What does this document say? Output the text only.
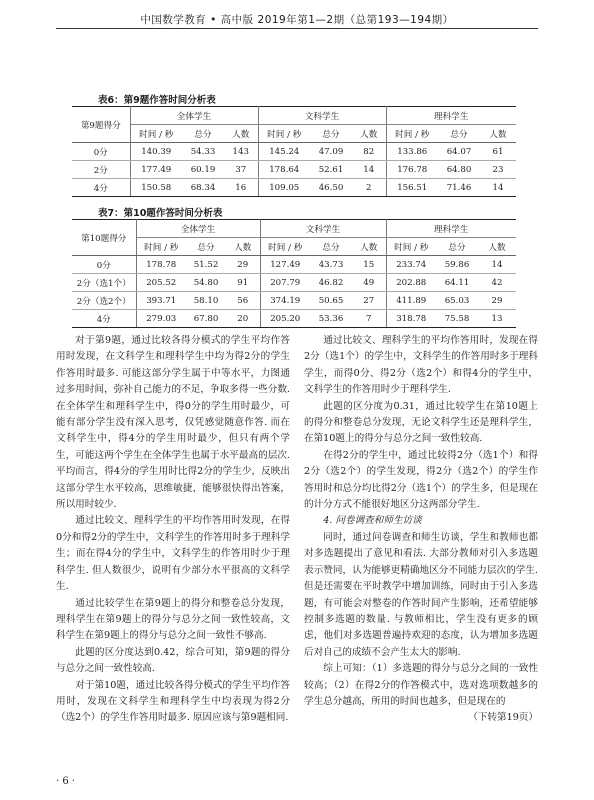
中国数学教育 • 高中版 2019年第1—2期（总第193—194期）
表6：第9题作答时间分析表
第9题得分	全体学生			文科学生			理科学生		
	时间 / 秒	总分	人数	时间 / 秒	总分	人数	时间 / 秒	总分	人数
0分	140.39	54.33	143	145.24	47.09	82	133.86	64.07	61
2分	177.49	60.19	37	178.64	52.61	14	176.78	64.80	23
4分	150.58	68.34	16	109.05	46.50	2	156.51	71.46	14
表7：第10题作答时间分析表
第10题得分	全体学生			文科学生			理科学生		
	时间 / 秒	总分	人数	时间 / 秒	总分	人数	时间 / 秒	总分	人数
0分	178.78	51.52	29	127.49	43.73	15	233.74	59.86	14
2分（选1个）	205.52	54.80	91	207.79	46.82	49	202.88	64.11	42
2分（选2个）	393.71	58.10	56	374.19	50.65	27	411.89	65.03	29
4分	279.03	67.80	20	205.20	53.36	7	318.78	75.58	13

对于第9题，通过比较各得分模式的学生平均作答用时发现，在文科学生和理科学生中均为得2分的学生作答用时最多. 可能这部分学生属于中等水平，力图通过多用时间，弥补自己能力的不足，争取多得一些分数. 在全体学生和理科学生中，得0分的学生用时最少，可能有部分学生没有深入思考，仅凭感觉随意作答. 而在文科学生中，得4分的学生用时最少，但只有两个学生，可能这两个学生在全体学生也属于水平最高的层次. 平均而言，得4分的学生用时比得2分的学生少，反映出这部分学生水平较高，思维敏捷，能够很快得出答案，所以用时较少.

通过比较文、理科学生的平均作答用时发现，在得0分和得2分的学生中，文科学生的作答用时多于理科学生；而在得4分的学生中，文科学生的作答用时少于理科学生. 但人数很少，说明有少部分水平很高的文科学生.

通过比较学生在第9题上的得分和整卷总分发现，理科学生在第9题上的得分与总分之间一致性较高，文科学生在第9题上的得分与总分之间一致性不够高.

此题的区分度达到0.42，综合可知，第9题的得分与总分之间一致性较高.

对于第10题，通过比较各得分模式的学生平均作答用时，发现在文科学生和理科学生中均表现为得2分（选2个）的学生作答用时最多. 原因应该与第9题相同.

通过比较文、理科学生的平均作答用时，发现在得2分（选1个）的学生中，文科学生的作答用时多于理科学生，而得0分、得2分（选2个）和得4分的学生中，文科学生的作答用时少于理科学生.

此题的区分度为0.31，通过比较学生在第10题上的得分和整卷总分发现，无论文科学生还是理科学生，在第10题上的得分与总分之间一致性较高.

在得2分的学生中，通过比较得2分（选1个）和得2分（选2个）的学生发现，得2分（选2个）的学生作答用时和总分均比得2分（选1个）的学生多，但是现在的计分方式不能很好地区分这两部分学生.

4. 问卷调查和师生访谈

同时，通过问卷调查和师生访谈，学生和教师也都对多选题提出了意见和看法. 大部分教师对引入多选题表示赞同，认为能够更精确地区分不同能力层次的学生. 但是还需要在平时教学中增加训练，同时由于引入多选题，有可能会对整卷的作答时间产生影响，还希望能够控制多选题的数量. 与教师相比，学生没有更多的顾虑，他们对多选题普遍持欢迎的态度，认为增加多选题后对自己的成绩不会产生太大的影响.

综上可知：（1）多选题的得分与总分之间的一致性较高；（2）在得2分的作答模式中，选对选项数越多的学生总分越高，所用的时间也越多，但是现在的

（下转第19页）

· 6 ·
